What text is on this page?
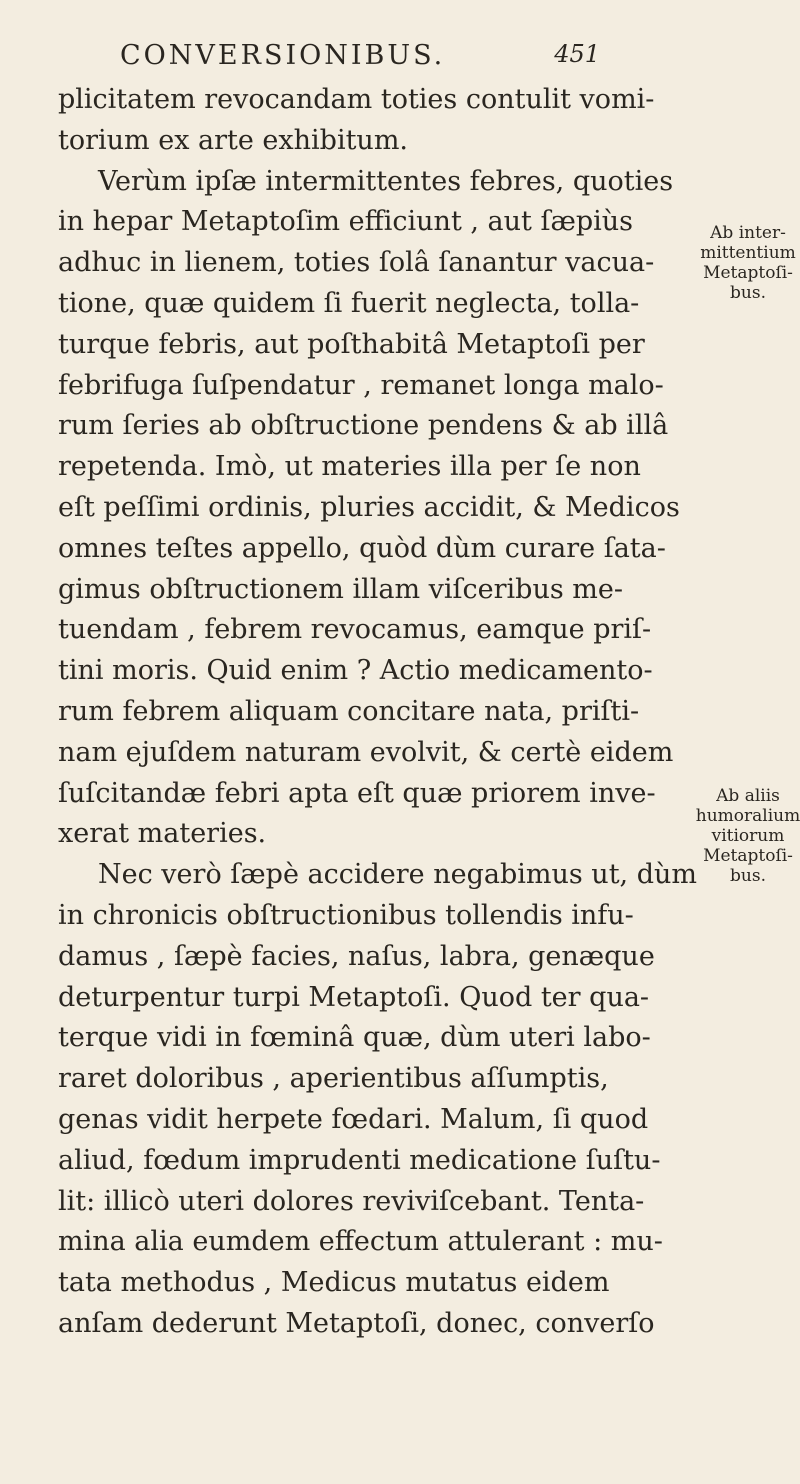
CONVERSIONIBUS.	451
plicitatem revocandam toties contulit vomi-
torium ex arte exhibitum.
Verùm ipſæ intermittentes febres, quoties
in hepar Metaptoſim efficiunt , aut ſæpiùs
adhuc in lienem, toties ſolâ ſanantur vacua-
tione, quæ quidem ſi fuerit neglecta, tolla-
turque febris, aut poſthabitâ Metaptoſi per
febrifuga ſuſpendatur , remanet longa malo-
rum ſeries ab obſtructione pendens & ab illâ
repetenda. Imò, ut materies illa per ſe non
eſt peſſimi ordinis, pluries accidit, & Medicos
omnes teſtes appello, quòd dùm curare ſata-
gimus obſtructionem illam viſceribus me-
tuendam , febrem revocamus, eamque priſ-
tini moris. Quid enim ? Actio medicamento-
rum febrem aliquam concitare nata, priſti-
nam ejuſdem naturam evolvit, & certè eidem
ſuſcitandæ febri apta eſt quæ priorem inve-
xerat materies.
Nec verò ſæpè accidere negabimus ut, dùm
in chronicis obſtructionibus tollendis infu-
damus , ſæpè facies, naſus, labra, genæque
deturpentur turpi Metaptoſi. Quod ter qua-
terque vidi in fœminâ quæ, dùm uteri labo-
raret doloribus , aperientibus aſſumptis,
genas vidit herpete fœdari. Malum, ſi quod
aliud, fœdum imprudenti medicatione ſuſtu-
lit: illicò uteri dolores reviviſcebant. Tenta-
mina alia eumdem effectum attulerant : mu-
tata methodus , Medicus mutatus eidem
anſam dederunt Metaptoſi, donec, converſo
Ab inter-
mittentium
Metaptoſi-
bus.
Ab aliis
humoralium
vitiorum
Metaptoſi-
bus.
